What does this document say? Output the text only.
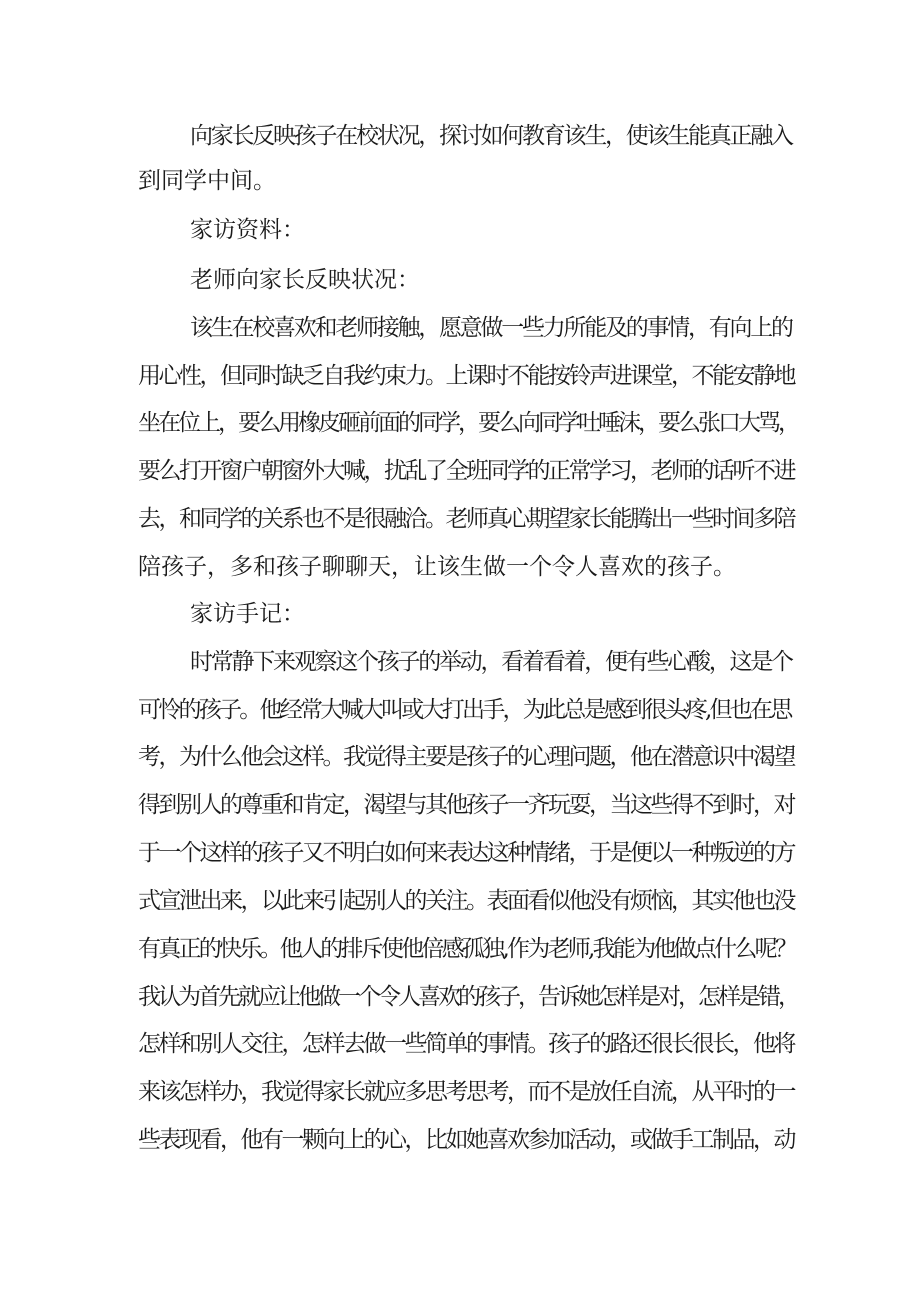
向家长反映孩子在校状况，探讨如何教育该生，使该生能真正融入
到同学中间。
家访资料：
老师向家长反映状况：
该生在校喜欢和老师接触，愿意做一些力所能及的事情，有向上的
用心性，但同时缺乏自我约束力。上课时不能按铃声进课堂，不能安静地
坐在位上，要么用橡皮砸前面的同学，要么向同学吐唾沫，要么张口大骂，
要么打开窗户朝窗外大喊，扰乱了全班同学的正常学习，老师的话听不进
去，和同学的关系也不是很融洽。老师真心期望家长能腾出一些时间多陪
陪孩子，多和孩子聊聊天，让该生做一个令人喜欢的孩子。
家访手记：
时常静下来观察这个孩子的举动，看着看着，便有些心酸，这是个
可怜的孩子。他经常大喊大叫或大打出手，为此总是感到很头疼,但也在思
考，为什么他会这样。我觉得主要是孩子的心理问题，他在潜意识中渴望
得到别人的尊重和肯定，渴望与其他孩子一齐玩耍，当这些得不到时，对
于一个这样的孩子又不明白如何来表达这种情绪，于是便以一种叛逆的方
式宣泄出来，以此来引起别人的关注。表面看似他没有烦恼，其实他也没
有真正的快乐。他人的排斥使他倍感孤独,作为老师,我能为他做点什么呢？
我认为首先就应让他做一个令人喜欢的孩子，告诉她怎样是对，怎样是错，
怎样和别人交往，怎样去做一些简单的事情。孩子的路还很长很长，他将
来该怎样办，我觉得家长就应多思考思考，而不是放任自流，从平时的一
些表现看，他有一颗向上的心，比如她喜欢参加活动，或做手工制品，动
